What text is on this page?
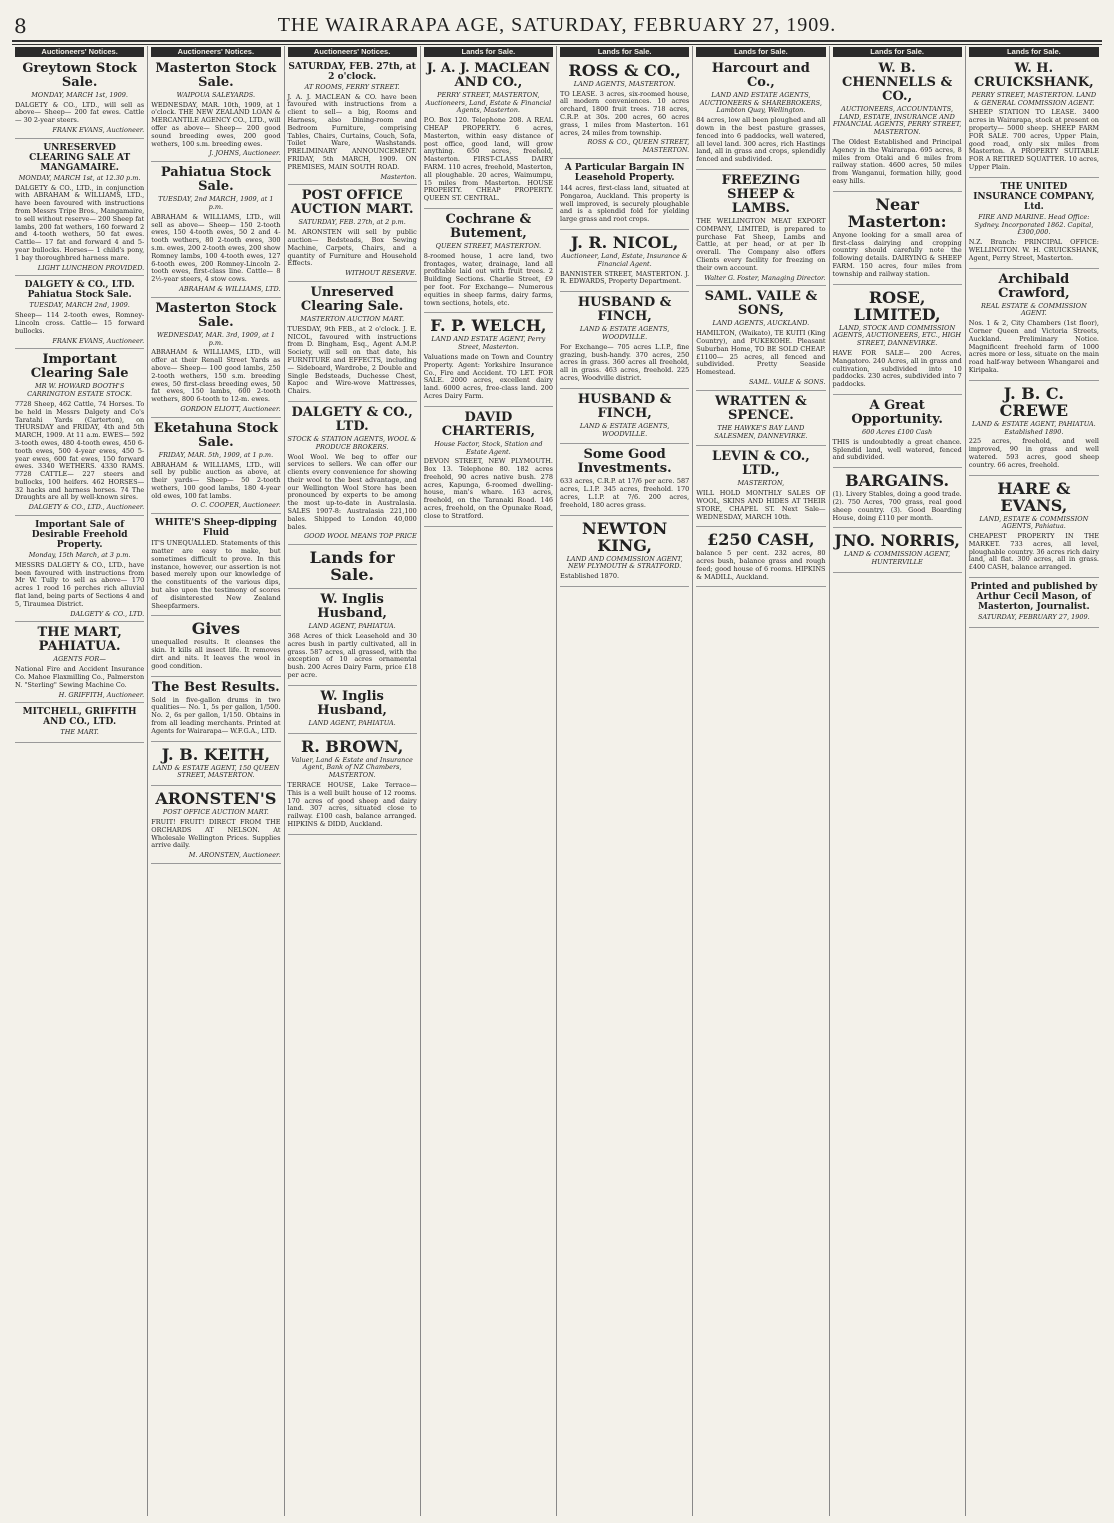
8	THE WAIRARAPA AGE, SATURDAY, FEBRUARY 27, 1909.
Auctioneers' Notices.
Greytown Stock Sale.
MONDAY, MARCH 1st, 1909.

DALGETY & CO., LTD., will sell as above— Sheep— 200 fat ewes. Cattle— 30 2-year steers.

FRANK EVANS, Auctioneer.
UNRESERVED CLEARING SALE AT MANGAMAIRE.
MONDAY, MARCH 1st, at 12.30 p.m.

DALGETY & CO., LTD., in conjunction with ABRAHAM & WILLIAMS, LTD., have been favoured with instructions from Messrs Tripe Bros., Mangamaire, to sell without reserve— 200 Sheep fat lambs, 200 fat wethers, 160 forward 2 and 4-tooth wethers, 50 fat ewes. Cattle— 17 fat and forward 4 and 5-year bullocks. Horses— 1 child's pony, 1 bay thoroughbred harness mare.

LIGHT LUNCHEON PROVIDED.
DALGETY & CO., LTD. Pahiatua Stock Sale.
TUESDAY, MARCH 2nd, 1909.

Sheep— 114 2-tooth ewes, Romney-Lincoln cross. Cattle— 15 forward bullocks.

FRANK EVANS, Auctioneer.
Important Clearing Sale
MR W. HOWARD BOOTH'S CARRINGTON ESTATE STOCK.

7728 Sheep, 462 Cattle, 74 Horses. To be held in Messrs Dalgety and Co's Taratahi Yards (Carterton), on THURSDAY and FRIDAY, 4th and 5th MARCH, 1909. At 11 a.m. EWES— 592 3-tooth ewes, 480 4-tooth ewes, 450 6-tooth ewes, 500 4-year ewes, 450 5-year ewes, 600 fat ewes, 150 forward ewes. 3340 WETHERS. 4330 RAMS. 7728 CATTLE— 227 steers and bullocks, 100 heifers. 462 HORSES— 32 hacks and harness horses. 74 The Draughts are all by well-known sires.

DALGETY & CO., LTD., Auctioneer.
Important Sale of Desirable Freehold Property.
Monday, 15th March, at 3 p.m.

MESSRS DALGETY & CO., LTD., have been favoured with instructions from Mr W. Tully to sell as above— 170 acres 1 rood 16 perches rich alluvial flat land, being parts of Sections 4 and 5, Tiraumea District.

DALGETY & CO., LTD.
THE MART, PAHIATUA.
AGENTS FOR—

National Fire and Accident Insurance Co. Mahoe Flaxmilling Co., Palmerston N. "Sterling" Sewing Machine Co.

H. GRIFFITH, Auctioneer.
MITCHELL, GRIFFITH AND CO., LTD.
THE MART.
Auctioneers' Notices.
Masterton Stock Sale.
WAIPOUA SALEYARDS.

WEDNESDAY, MAR. 10th, 1909, at 1 o'clock. THE NEW ZEALAND LOAN & MERCANTILE AGENCY CO., LTD., will offer as above— Sheep— 200 good sound breeding ewes, 200 good wethers, 100 s.m. breeding ewes.

J. JOHNS, Auctioneer.
Pahiatua Stock Sale.
TUESDAY, 2nd MARCH, 1909, at 1 p.m.

ABRAHAM & WILLIAMS, LTD., will sell as above— Sheep— 150 2-tooth ewes, 150 4-tooth ewes, 50 2 and 4-tooth wethers, 80 2-tooth ewes, 300 s.m. ewes, 200 2-tooth ewes, 200 show Romney lambs, 100 4-tooth ewes, 127 6-tooth ewes, 200 Romney-Lincoln 2-tooth ewes, first-class line. Cattle— 8 2½-year steers, 4 stow cows.

ABRAHAM & WILLIAMS, LTD.
Masterton Stock Sale.
WEDNESDAY, MAR. 3rd, 1909, at 1 p.m.

ABRAHAM & WILLIAMS, LTD., will offer at their Renall Street Yards as above— Sheep— 100 good lambs, 250 2-tooth wethers, 150 s.m. breeding ewes, 50 first-class breeding ewes, 50 fat ewes, 150 lambs, 600 2-tooth wethers, 800 6-tooth to 12-m. ewes.

GORDON ELIOTT, Auctioneer.
Eketahuna Stock Sale.
FRIDAY, MAR. 5th, 1909, at 1 p.m.

ABRAHAM & WILLIAMS, LTD., will sell by public auction as above, at their yards— Sheep— 50 2-tooth wethers, 100 good lambs, 180 4-year old ewes, 100 fat lambs.

O. C. COOPER, Auctioneer.
WHITE'S Sheep-dipping Fluid

IT'S UNEQUALLED. Statements of this matter are easy to make, but sometimes difficult to prove. In this instance, however, our assertion is not based merely upon our knowledge of the constituents of the various dips, but also upon the testimony of scores of disinterested New Zealand Sheepfarmers.

Gives

unequalled results. It cleanses the skin. It kills all insect life. It removes dirt and nits. It leaves the wool in good condition.

The Best Results.

Sold in five-gallon drums in two qualities— No. 1, 5s per gallon, 1/500. No. 2, 6s per gallon, 1/150. Obtains in from all leading merchants. Printed at Agents for Wairarapa— W.F.G.A., LTD.

J. B. KEITH,
LAND & ESTATE AGENT, 150 QUEEN STREET, MASTERTON.
ARONSTEN'S
POST OFFICE AUCTION MART.

FRUIT! FRUIT! DIRECT FROM THE ORCHARDS AT NELSON. At Wholesale Wellington Prices. Supplies arrive daily.

M. ARONSTEN, Auctioneer.
Auctioneers' Notices.
SATURDAY, FEB. 27th, at 2 o'clock.
AT ROOMS, FERRY STREET.

J. A. J. MACLEAN & CO. have been favoured with instructions from a client to sell— a big, Rooms and Harness, also Dining-room and Bedroom Furniture, comprising Tables, Chairs, Curtains, Couch, Sofa, Toilet Ware, Washstands. PRELIMINARY ANNOUNCEMENT. FRIDAY, 5th MARCH, 1909. ON PREMISES, MAIN SOUTH ROAD.

Masterton.
POST OFFICE AUCTION MART.
SATURDAY, FEB. 27th, at 2 p.m.

M. ARONSTEN will sell by public auction— Bedsteads, Box Sewing Machine, Carpets, Chairs, and a quantity of Furniture and Household Effects.

WITHOUT RESERVE.
Unreserved Clearing Sale.
MASTERTON AUCTION MART.

TUESDAY, 9th FEB., at 2 o'clock. J. E. NICOL, favoured with instructions from D. Bingham, Esq., Agent A.M.P. Society, will sell on that date, his FURNITURE and EFFECTS, including— Sideboard, Wardrobe, 2 Double and Single Bedsteads, Duchesse Chest, Kapoc and Wire-wove Mattresses, Chairs.

DALGETY & CO., LTD.
STOCK & STATION AGENTS, WOOL & PRODUCE BROKERS.

Wool Wool. We beg to offer our services to sellers. We can offer our clients every convenience for showing their wool to the best advantage, and our Wellington Wool Store has been pronounced by experts to be among the most up-to-date in Australasia. SALES 1907-8: Australasia 221,100 bales. Shipped to London 40,000 bales.

GOOD WOOL MEANS TOP PRICE
Lands for Sale.
W. Inglis Husband,
LAND AGENT, PAHIATUA.

368 Acres of thick Leasehold and 30 acres bush in partly cultivated, all in grass. 587 acres, all grassed, with the exception of 10 acres ornamental bush. 200 Acres Dairy Farm, price £18 per acre.

W. Inglis Husband,
LAND AGENT, PAHIATUA.
R. BROWN,
Valuer, Land & Estate and Insurance Agent, Bank of NZ Chambers, MASTERTON.

TERRACE HOUSE, Lake Terrace— This is a well built house of 12 rooms. 170 acres of good sheep and dairy land. 307 acres, situated close to railway. £100 cash, balance arranged. HIPKINS & DIDD, Auckland.

Lands for Sale.
J. A. J. MACLEAN AND CO.,
PERRY STREET, MASTERTON, Auctioneers, Land, Estate & Financial Agents, Masterton.

P.O. Box 120. Telephone 208. A REAL CHEAP PROPERTY. 6 acres, Masterton, within easy distance of post office, good land, will grow anything. 650 acres, freehold, Masterton. FIRST-CLASS DAIRY FARM. 110 acres, freehold, Masterton, all ploughable. 20 acres, Waimumpu, 15 miles from Masterton. HOUSE PROPERTY. CHEAP PROPERTY. QUEEN ST. CENTRAL.

Cochrane & Butement,
QUEEN STREET, MASTERTON.

8-roomed house, 1 acre land, two frontages, water, drainage, land all profitable laid out with fruit trees. 2 Building Sections. Charlie Street, £9 per foot. For Exchange— Numerous equities in sheep farms, dairy farms, town sections, hotels, etc.

F. P. WELCH,
LAND AND ESTATE AGENT, Perry Street, Masterton.

Valuations made on Town and Country Property. Agent: Yorkshire Insurance Co., Fire and Accident. TO LET. FOR SALE. 2000 acres, excellent dairy land. 6000 acres, free-class land. 200 Acres Dairy Farm.

DAVID CHARTERIS,
House Factor, Stock, Station and Estate Agent.

DEVON STREET, NEW PLYMOUTH. Box 13. Telephone 80. 182 acres freehold, 90 acres native bush. 278 acres, Kapunga, 6-roomed dwelling-house, man's whare. 163 acres, freehold, on the Taranaki Road. 146 acres, freehold, on the Opunake Road, close to Stratford.

Lands for Sale.
ROSS & CO.,
LAND AGENTS, MASTERTON.

TO LEASE. 3 acres, six-roomed house, all modern conveniences. 10 acres orchard, 1800 fruit trees. 718 acres, C.R.P. at 30s. 200 acres, 60 acres grass, 1 miles from Masterton. 161 acres, 24 miles from township.

ROSS & CO., QUEEN STREET, MASTERTON.
A Particular Bargain IN Leasehold Property.

144 acres, first-class land, situated at Pongaroa, Auckland. This property is well improved, is securely ploughable and is a splendid fold for yielding large grass and root crops.

J. R. NICOL,
Auctioneer, Land, Estate, Insurance & Financial Agent.

BANNISTER STREET, MASTERTON. J. R. EDWARDS, Property Department.

HUSBAND & FINCH,
LAND & ESTATE AGENTS, WOODVILLE.

For Exchange— 705 acres L.I.P., fine grazing, bush-handy. 370 acres, 250 acres in grass. 360 acres all freehold, all in grass. 463 acres, freehold. 225 acres, Woodville district.

HUSBAND & FINCH,
LAND & ESTATE AGENTS, WOODVILLE.
Some Good Investments.

633 acres, C.R.P. at 17/6 per acre. 587 acres, L.I.P. 345 acres, freehold. 170 acres, L.I.P. at 7/6. 200 acres, freehold, 180 acres grass.

NEWTON KING,
LAND AND COMMISSION AGENT, NEW PLYMOUTH & STRATFORD.

Established 1870.

Lands for Sale.
Harcourt and Co.,
LAND AND ESTATE AGENTS, AUCTIONEERS & SHAREBROKERS, Lambton Quay, Wellington.

84 acres, low all been ploughed and all down in the best pasture grasses, fenced into 6 paddocks, well watered, all level land. 300 acres, rich Hastings land, all in grass and crops, splendidly fenced and subdivided.

FREEZING SHEEP & LAMBS.

THE WELLINGTON MEAT EXPORT COMPANY, LIMITED, is prepared to purchase Fat Sheep, Lambs and Cattle, at per head, or at per lb overall. The Company also offers Clients every facility for freezing on their own account.

Walter G. Foster, Managing Director.
SAML. VAILE & SONS,
LAND AGENTS, AUCKLAND.

HAMILTON, (Waikato), TE KUITI (King Country), and PUKEKOHE. Pleasant Suburban Home, TO BE SOLD CHEAP. £1100— 25 acres, all fenced and subdivided. Pretty Seaside Homestead.

SAML. VAILE & SONS.
WRATTEN & SPENCE.
THE HAWKE'S BAY LAND SALESMEN, DANNEVIRKE.
LEVIN & CO., LTD.,
MASTERTON,

WILL HOLD MONTHLY SALES OF WOOL, SKINS AND HIDES AT THEIR STORE, CHAPEL ST. Next Sale— WEDNESDAY, MARCH 10th.

£250 CASH,

balance 5 per cent. 232 acres, 80 acres bush, balance grass and rough feed; good house of 6 rooms. HIPKINS & MADILL, Auckland.

Lands for Sale.
W. B. CHENNELLS & CO.,
AUCTIONEERS, ACCOUNTANTS, LAND, ESTATE, INSURANCE AND FINANCIAL AGENTS, PERRY STREET, MASTERTON.

The Oldest Established and Principal Agency in the Wairarapa. 695 acres, 8 miles from Otaki and 6 miles from railway station. 4600 acres, 50 miles from Wanganui, formation hilly, good easy hills.

Near Masterton:

Anyone looking for a small area of first-class dairying and cropping country should carefully note the following details. DAIRYING & SHEEP FARM. 150 acres, four miles from township and railway station.

ROSE, LIMITED,
LAND, STOCK AND COMMISSION AGENTS, AUCTIONEERS, ETC., HIGH STREET, DANNEVIRKE.

HAVE FOR SALE— 200 Acres, Mangatoro. 240 Acres, all in grass and cultivation, subdivided into 10 paddocks. 230 acres, subdivided into 7 paddocks.

A Great Opportunity.
600 Acres £100 Cash

THIS is undoubtedly a great chance. Splendid land, well watered, fenced and subdivided.

BARGAINS.

(1). Livery Stables, doing a good trade. (2). 750 Acres, 700 grass, real good sheep country. (3). Good Boarding House, doing £110 per month.

JNO. NORRIS,
LAND & COMMISSION AGENT, HUNTERVILLE
Lands for Sale.
W. H. CRUICKSHANK,
PERRY STREET, MASTERTON. LAND & GENERAL COMMISSION AGENT.

SHEEP STATION TO LEASE. 3400 acres in Wairarapa, stock at present on property— 5000 sheep. SHEEP FARM FOR SALE. 700 acres, Upper Plain, good road, only six miles from Masterton. A PROPERTY SUITABLE FOR A RETIRED SQUATTER. 10 acres, Upper Plain.

THE UNITED INSURANCE COMPANY, Ltd.
FIRE AND MARINE. Head Office: Sydney. Incorporated 1862. Capital, £300,000.

N.Z. Branch: PRINCIPAL OFFICE: WELLINGTON. W. H. CRUICKSHANK, Agent, Perry Street, Masterton.

Archibald Crawford,
REAL ESTATE & COMMISSION AGENT.

Nos. 1 & 2, City Chambers (1st floor), Corner Queen and Victoria Streets, Auckland. Preliminary Notice. Magnificent freehold farm of 1000 acres more or less, situate on the main road half-way between Whangarei and Kiripaka.

J. B. C. CREWE
LAND & ESTATE AGENT, PAHIATUA. Established 1890.

225 acres, freehold, and well improved, 90 in grass and well watered. 593 acres, good sheep country. 66 acres, freehold.

HARE & EVANS,
LAND, ESTATE & COMMISSION AGENTS, Pahiatua.

CHEAPEST PROPERTY IN THE MARKET. 733 acres, all level, ploughable country. 36 acres rich dairy land, all flat. 300 acres, all in grass. £400 CASH, balance arranged.

Printed and published by Arthur Cecil Mason, of Masterton, Journalist.
SATURDAY, FEBRUARY 27, 1909.
